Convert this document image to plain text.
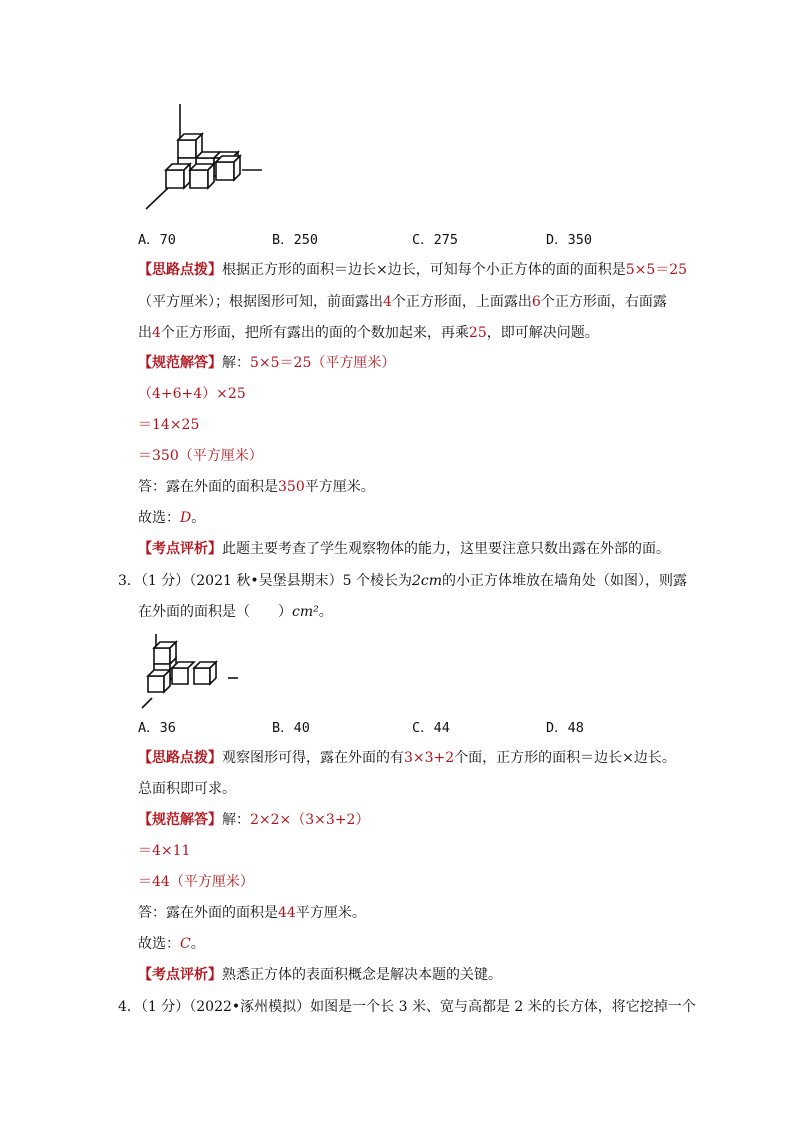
A．70	B．250	C．275	D．350
【思路点拨】根据正方形的面积＝边长×边长，可知每个小正方体的面的面积是5×5＝25
（平方厘米）；根据图形可知，前面露出4个正方形面，上面露出6个正方形面，右面露
出4个正方形面，把所有露出的面的个数加起来，再乘25，即可解决问题。
【规范解答】解：5×5＝25（平方厘米）
（4+6+4）×25
＝14×25
＝350（平方厘米）
答：露在外面的面积是350平方厘米。
故选：D。
【考点评析】此题主要考查了学生观察物体的能力，这里要注意只数出露在外部的面。
3．（1 分）（2021 秋•吴堡县期末）5 个棱长为2cm的小正方体堆放在墙角处（如图），则露
在外面的面积是（　　）cm²。
A．36	B．40	C．44	D．48
【思路点拨】观察图形可得，露在外面的有3×3+2个面，正方形的面积＝边长×边长。
总面积即可求。
【规范解答】解：2×2×（3×3+2）
＝4×11
＝44（平方厘米）
答：露在外面的面积是44平方厘米。
故选：C。
【考点评析】熟悉正方体的表面积概念是解决本题的关键。
4．（1 分）（2022•涿州模拟）如图是一个长 3 米、宽与高都是 2 米的长方体，将它挖掉一个
